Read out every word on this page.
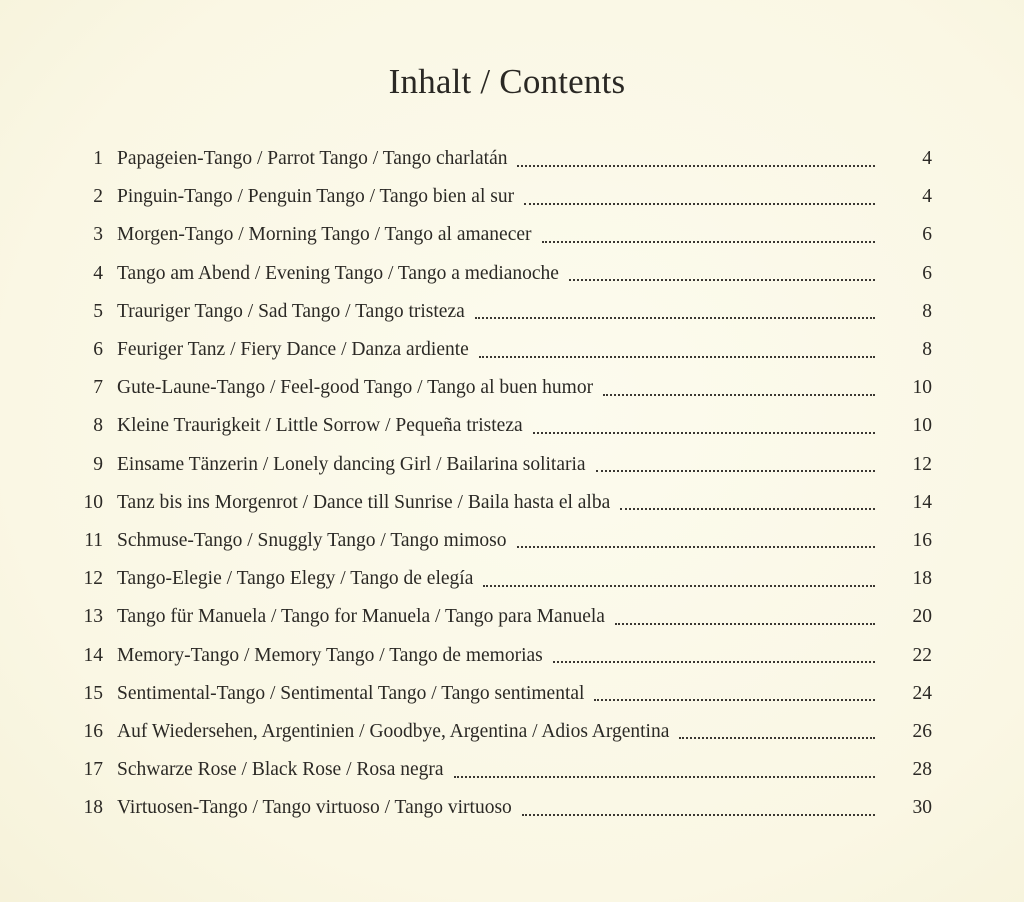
Inhalt / Contents
1 Papageien-Tango / Parrot Tango / Tango charlatán	4
2 Pinguin-Tango / Penguin Tango / Tango bien al sur	4
3 Morgen-Tango / Morning Tango / Tango al amanecer	6
4 Tango am Abend / Evening Tango / Tango a medianoche	6
5 Trauriger Tango / Sad Tango / Tango tristeza	8
6 Feuriger Tanz / Fiery Dance / Danza ardiente	8
7 Gute-Laune-Tango / Feel-good Tango / Tango al buen humor	10
8 Kleine Traurigkeit / Little Sorrow / Pequeña tristeza	10
9 Einsame Tänzerin / Lonely dancing Girl / Bailarina solitaria	12
10 Tanz bis ins Morgenrot / Dance till Sunrise / Baila hasta el alba	14
11 Schmuse-Tango / Snuggly Tango / Tango mimoso	16
12 Tango-Elegie / Tango Elegy / Tango de elegía	18
13 Tango für Manuela / Tango for Manuela / Tango para Manuela	20
14 Memory-Tango / Memory Tango / Tango de memorias	22
15 Sentimental-Tango / Sentimental Tango / Tango sentimental	24
16 Auf Wiedersehen, Argentinien / Goodbye, Argentina / Adios Argentina	26
17 Schwarze Rose / Black Rose / Rosa negra	28
18 Virtuosen-Tango / Tango virtuoso / Tango virtuoso	30
